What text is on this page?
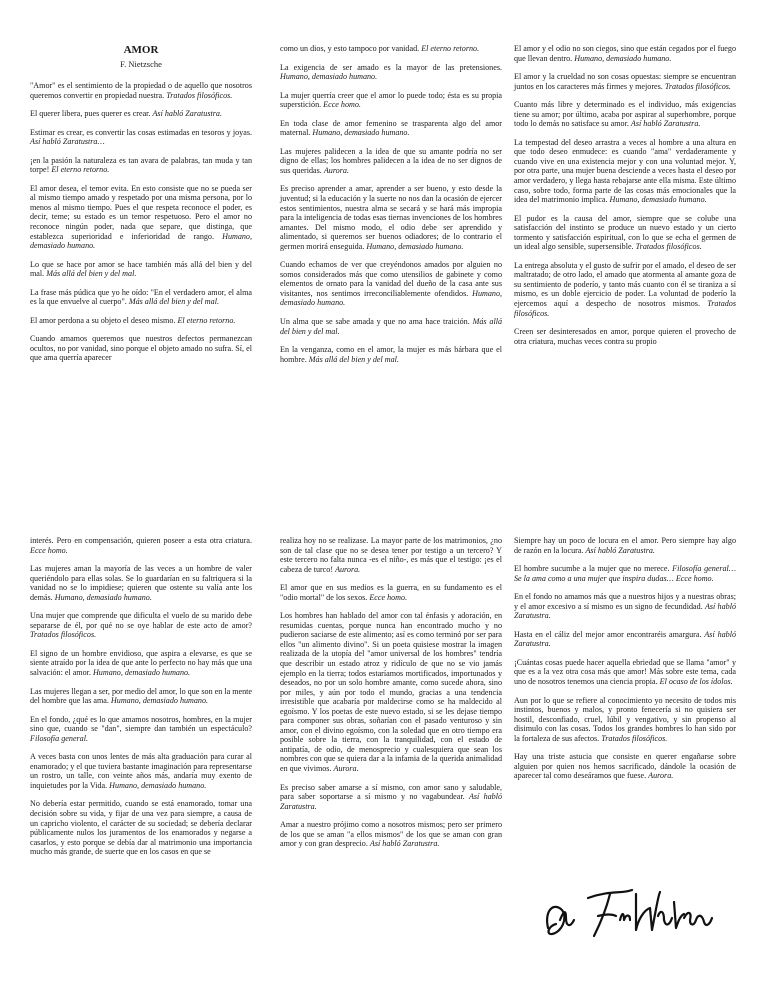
AMOR
F. Nietzsche

"Amor" es el sentimiento de la propiedad o de aquello que nosotros queremos convertir en propiedad nuestra. Tratados filosóficos.

El querer libera, pues querer es crear. Así habló Zaratustra.

Estimar es crear, es convertir las cosas estimadas en tesoros y joyas. Así habló Zaratustra…

¡en la pasión la naturaleza es tan avara de palabras, tan muda y tan torpe! El eterno retorno.

El amor desea, el temor evita. En esto consiste que no se pueda ser al mismo tiempo amado y respetado por una misma persona, por lo menos al mismo tiempo. Pues el que respeta reconoce el poder, es decir, teme; su estado es un temor respetuoso. Pero el amor no reconoce ningún poder, nada que separe, que distinga, que establezca superioridad e inferioridad de rango. Humano, demasiado humano.

Lo que se hace por amor se hace también más allá del bien y del mal. Más allá del bien y del mal.

La frase más púdica que yo he oído: "En el verdadero amor, el alma es la que envuelve al cuerpo". Más allá del bien y del mal.

El amor perdona a su objeto el deseo mismo. El eterno retorno.

Cuando amamos queremos que nuestros defectos permanezcan ocultos, no por vanidad, sino porque el objeto amado no sufra. Sí, el que ama querría aparecer

como un dios, y esto tampoco por vanidad. El eterno retorno.

La exigencia de ser amado es la mayor de las pretensiones. Humano, demasiado humano.

La mujer querría creer que el amor lo puede todo; ésta es su propia superstición. Ecce homo.

En toda clase de amor femenino se trasparenta algo del amor maternal. Humano, demasiado humano.

Las mujeres palidecen a la idea de que su amante podría no ser digno de ellas; los hombres palidecen a la idea de no ser dignos de sus queridas. Aurora.

Es preciso aprender a amar, aprender a ser bueno, y esto desde la juventud; si la educación y la suerte no nos dan la ocasión de ejercer estos sentimientos, nuestra alma se secará y se hará más impropia para la inteligencia de todas esas tiernas invenciones de los hombres amantes. Del mismo modo, el odio debe ser aprendido y alimentado, si queremos ser buenos odiadores; de lo contrario el germen morirá enseguida. Humano, demasiado humano.

Cuando echamos de ver que creyéndonos amados por alguien no somos considerados más que como utensilios de gabinete y como elementos de ornato para la vanidad del dueño de la casa ante sus visitantes, nos sentimos irreconciliablemente ofendidos. Humano, demasiado humano.

Un alma que se sabe amada y que no ama hace traición. Más allá del bien y del mal.

En la venganza, como en el amor, la mujer es más bárbara que el hombre. Más allá del bien y del mal.

El amor y el odio no son ciegos, sino que están cegados por el fuego que llevan dentro. Humano, demasiado humano.

El amor y la crueldad no son cosas opuestas: siempre se encuentran juntos en los caracteres más firmes y mejores. Tratados filosóficos.

Cuanto más libre y determinado es el individuo, más exigencias tiene su amor; por último, acaba por aspirar al superhombre, porque todo lo demás no satisface su amor. Así habló Zaratustra.

La tempestad del deseo arrastra a veces al hombre a una altura en que todo deseo enmudece: es cuando "ama" verdaderamente y cuando vive en una existencia mejor y con una voluntad mejor. Y, por otra parte, una mujer buena desciende a veces hasta el deseo por amor verdadero, y llega hasta rebajarse ante ella misma. Este último caso, sobre todo, forma parte de las cosas más emocionales que la idea del matrimonio implica. Humano, demasiado humano.

El pudor es la causa del amor, siempre que se colube una satisfacción del instinto se produce un nuevo estado y un cierto tormento y satisfacción espiritual, con lo que se echa el germen de un ideal algo sensible, supersensible. Tratados filosóficos.

La entrega absoluta y el gusto de sufrir por el amado, el deseo de ser maltratado; de otro lado, el amado que atormenta al amante goza de su sentimiento de poderío, y tanto más cuanto con él se tiraniza a sí mismo, es un doble ejercicio de poder. La voluntad de poderío la ejercemos aquí a despecho de nosotros mismos. Tratados filosóficos.

Creen ser desinteresados en amor, porque quieren el provecho de otra criatura, muchas veces contra su propio

interés. Pero en compensación, quieren poseer a esta otra criatura. Ecce homo.

Las mujeres aman la mayoría de las veces a un hombre de valer queriéndolo para ellas solas. Se lo guardarían en su faltriquera si la vanidad no se lo impidiese; quieren que ostente su valía ante los demás. Humano, demasiado humano.

Una mujer que comprende que dificulta el vuelo de su marido debe separarse de él, por qué no se oye hablar de este acto de amor? Tratados filosóficos.

El signo de un hombre envidioso, que aspira a elevarse, es que se siente atraído por la idea de que ante lo perfecto no hay más que una salvación: el amor. Humano, demasiado humano.

Las mujeres llegan a ser, por medio del amor, lo que son en la mente del hombre que las ama. Humano, demasiado humano.

En el fondo, ¿qué es lo que amamos nosotros, hombres, en la mujer sino que, cuando se "dan", siempre dan también un espectáculo? Filosofía general.

A veces basta con unos lentes de más alta graduación para curar al enamorado; y el que tuviera bastante imaginación para representarse un rostro, un talle, con veinte años más, andaría muy exento de inquietudes por la Vida. Humano, demasiado humano.

No debería estar permitido, cuando se está enamorado, tomar una decisión sobre su vida, y fijar de una vez para siempre, a causa de un capricho violento, el carácter de su sociedad; se debería declarar públicamente nulos los juramentos de los enamorados y negarse a casarlos, y esto porque se debía dar al matrimonio una importancia mucho más grande, de suerte que en los casos en que se

realiza hoy no se realizase. La mayor parte de los matrimonios, ¿no son de tal clase que no se desea tener por testigo a un tercero? Y este tercero no falta nunca -es el niño-, es más que el testigo: ¡es el cabeza de turco! Aurora.

El amor que en sus medios es la guerra, en su fundamento es el "odio mortal" de los sexos. Ecce homo.

Los hombres han hablado del amor con tal énfasis y adoración, en resumidas cuentas, porque nunca han encontrado mucho y no pudieron saciarse de este alimento; así es como terminó por ser para ellos "un alimento divino". Si un poeta quisiese mostrar la imagen realizada de la utopía del "amor universal de los hombres" tendría que describir un estado atroz y ridículo de que no se vio jamás ejemplo en la tierra; todos estaríamos mortificados, importunados y deseados, no por un solo hombre amante, como sucede ahora, sino por miles, y aún por todo el mundo, gracias a una tendencia irresistible que acabaría por maldecirse como se ha maldecido al egoísmo. Y los poetas de este nuevo estado, si se les dejase tiempo para componer sus obras, soñarían con el pasado venturoso y sin amor, con el divino egoísmo, con la soledad que en otro tiempo era posible sobre la tierra, con la tranquilidad, con el estado de antipatía, de odio, de menosprecio y cualesquiera que sean los nombres con que se quiera dar a la infamia de la querida animalidad en que vivimos. Aurora.

Es preciso saber amarse a sí mismo, con amor sano y saludable, para saber soportarse a sí mismo y no vagabundear. Así habló Zaratustra.

Amar a nuestro prójimo como a nosotros mismos; pero ser primero de los que se aman "a ellos mismos" de los que se aman con gran amor y con gran desprecio. Así habló Zaratustra.

Siempre hay un poco de locura en el amor. Pero siempre hay algo de razón en la locura. Así habló Zaratustra.

El hombre sucumbe a la mujer que no merece. Filosofía general… Se la ama como a una mujer que inspira dudas… Ecce homo.

En el fondo no amamos más que a nuestros hijos y a nuestras obras; y el amor excesivo a sí mismo es un signo de fecundidad. Así habló Zaratustra.

Hasta en el cáliz del mejor amor encontraréis amargura. Así habló Zaratustra.

¡Cuántas cosas puede hacer aquella ebriedad que se llama "amor" y que es a la vez otra cosa más que amor! Más sobre este tema, cada uno de nosotros tenemos una ciencia propia. El ocaso de los ídolos.

Aun por lo que se refiere al conocimiento yo necesito de todos mis instintos, buenos y malos, y pronto fenecería si no quisiera ser hostil, desconfiado, cruel, lúbil y vengativo, y sin propenso al disimulo con las cosas. Todos los grandes hombres lo han sido por la fortaleza de sus afectos. Tratados filosóficos.

Hay una triste astucia que consiste en querer engañarse sobre alguien por quien nos hemos sacrificado, dándole la ocasión de aparecer tal como deseáramos que fuese. Aurora.
